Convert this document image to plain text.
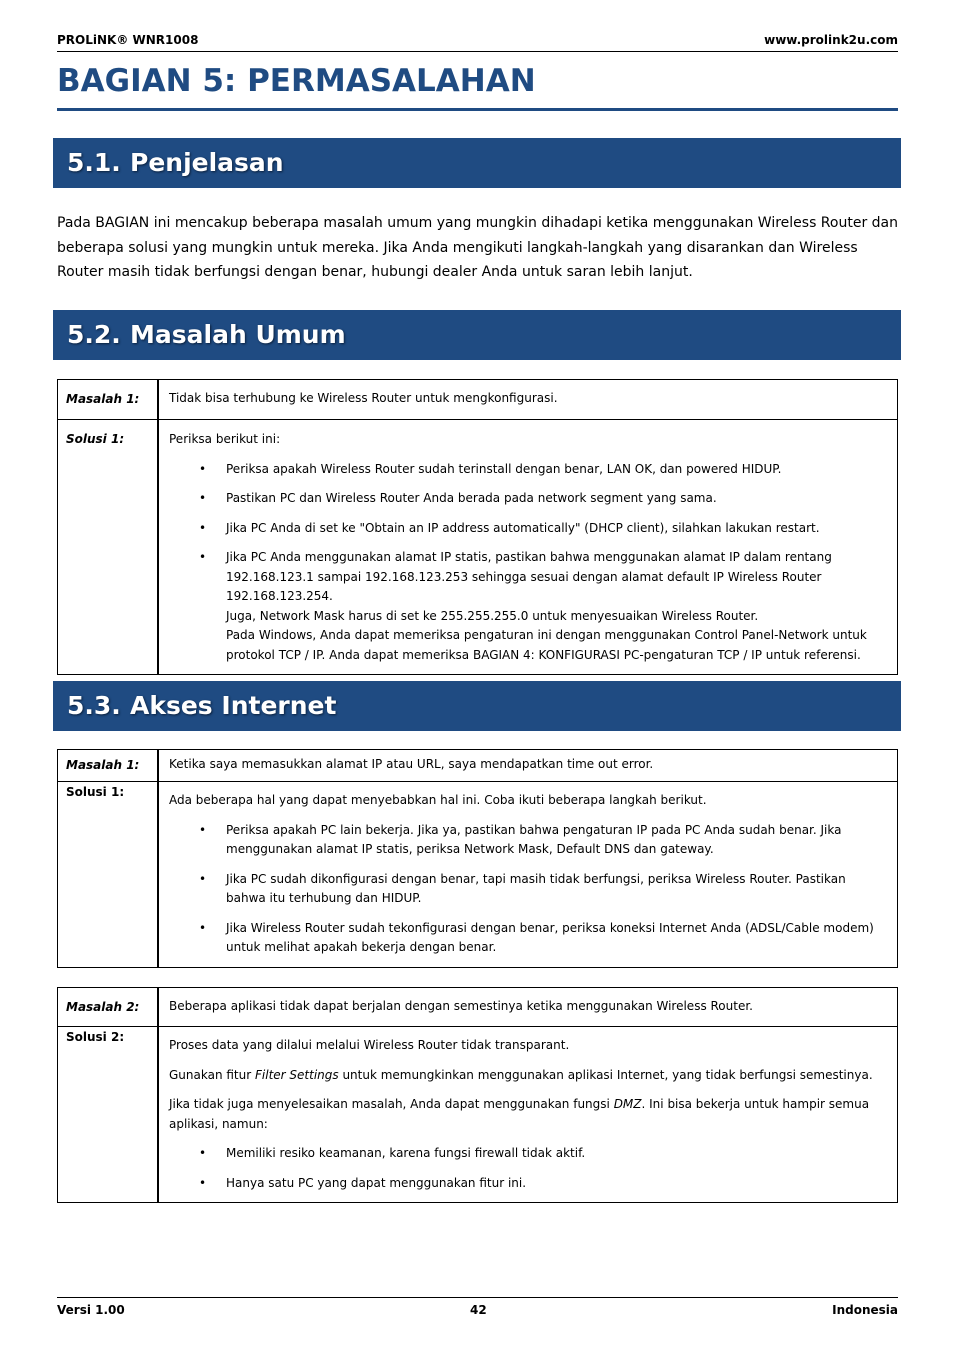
PROLiNK® WNR1008	www.prolink2u.com
BAGIAN 5: PERMASALAHAN
5.1. Penjelasan
Pada BAGIAN ini mencakup beberapa masalah umum yang mungkin dihadapi ketika menggunakan Wireless Router dan beberapa solusi yang mungkin untuk mereka. Jika Anda mengikuti langkah-langkah yang disarankan dan Wireless Router masih tidak berfungsi dengan benar, hubungi dealer Anda untuk saran lebih lanjut.
5.2. Masalah Umum
Masalah 1:	Tidak bisa terhubung ke Wireless Router untuk mengkonfigurasi.
Solusi 1:	Periksa berikut ini:

• Periksa apakah Wireless Router sudah terinstall dengan benar, LAN OK, dan powered HIDUP.
• Pastikan PC dan Wireless Router Anda berada pada network segment yang sama.
• Jika PC Anda di set ke "Obtain an IP address automatically" (DHCP client), silahkan lakukan restart.
• Jika PC Anda menggunakan alamat IP statis, pastikan bahwa menggunakan alamat IP dalam rentang 192.168.123.1 sampai 192.168.123.253 sehingga sesuai dengan alamat default IP Wireless Router 192.168.123.254.
Juga, Network Mask harus di set ke 255.255.255.0 untuk menyesuaikan Wireless Router.
Pada Windows, Anda dapat memeriksa pengaturan ini dengan menggunakan Control Panel-Network untuk protokol TCP / IP. Anda dapat memeriksa BAGIAN 4: KONFIGURASI PC-pengaturan TCP / IP untuk referensi.
5.3. Akses Internet
Masalah 1:	Ketika saya memasukkan alamat IP atau URL, saya mendapatkan time out error.
Solusi 1:

Ada beberapa hal yang dapat menyebabkan hal ini. Coba ikuti beberapa langkah berikut.

• Periksa apakah PC lain bekerja. Jika ya, pastikan bahwa pengaturan IP pada PC Anda sudah benar. Jika menggunakan alamat IP statis, periksa Network Mask, Default DNS dan gateway.
• Jika PC sudah dikonfigurasi dengan benar, tapi masih tidak berfungsi, periksa Wireless Router. Pastikan bahwa itu terhubung dan HIDUP.
• Jika Wireless Router sudah tekonfigurasi dengan benar, periksa koneksi Internet Anda (ADSL/Cable modem) untuk melihat apakah bekerja dengan benar.
Masalah 2:	Beberapa aplikasi tidak dapat berjalan dengan semestinya ketika menggunakan Wireless Router.
Solusi 2:

Proses data yang dilalui melalui Wireless Router tidak transparant.

Gunakan fitur Filter Settings untuk memungkinkan menggunakan aplikasi Internet, yang tidak berfungsi semestinya.

Jika tidak juga menyelesaikan masalah, Anda dapat menggunakan fungsi DMZ. Ini bisa bekerja untuk hampir semua aplikasi, namun:

• Memiliki resiko keamanan, karena fungsi firewall tidak aktif.
• Hanya satu PC yang dapat menggunakan fitur ini.
Versi 1.00	42	Indonesia
